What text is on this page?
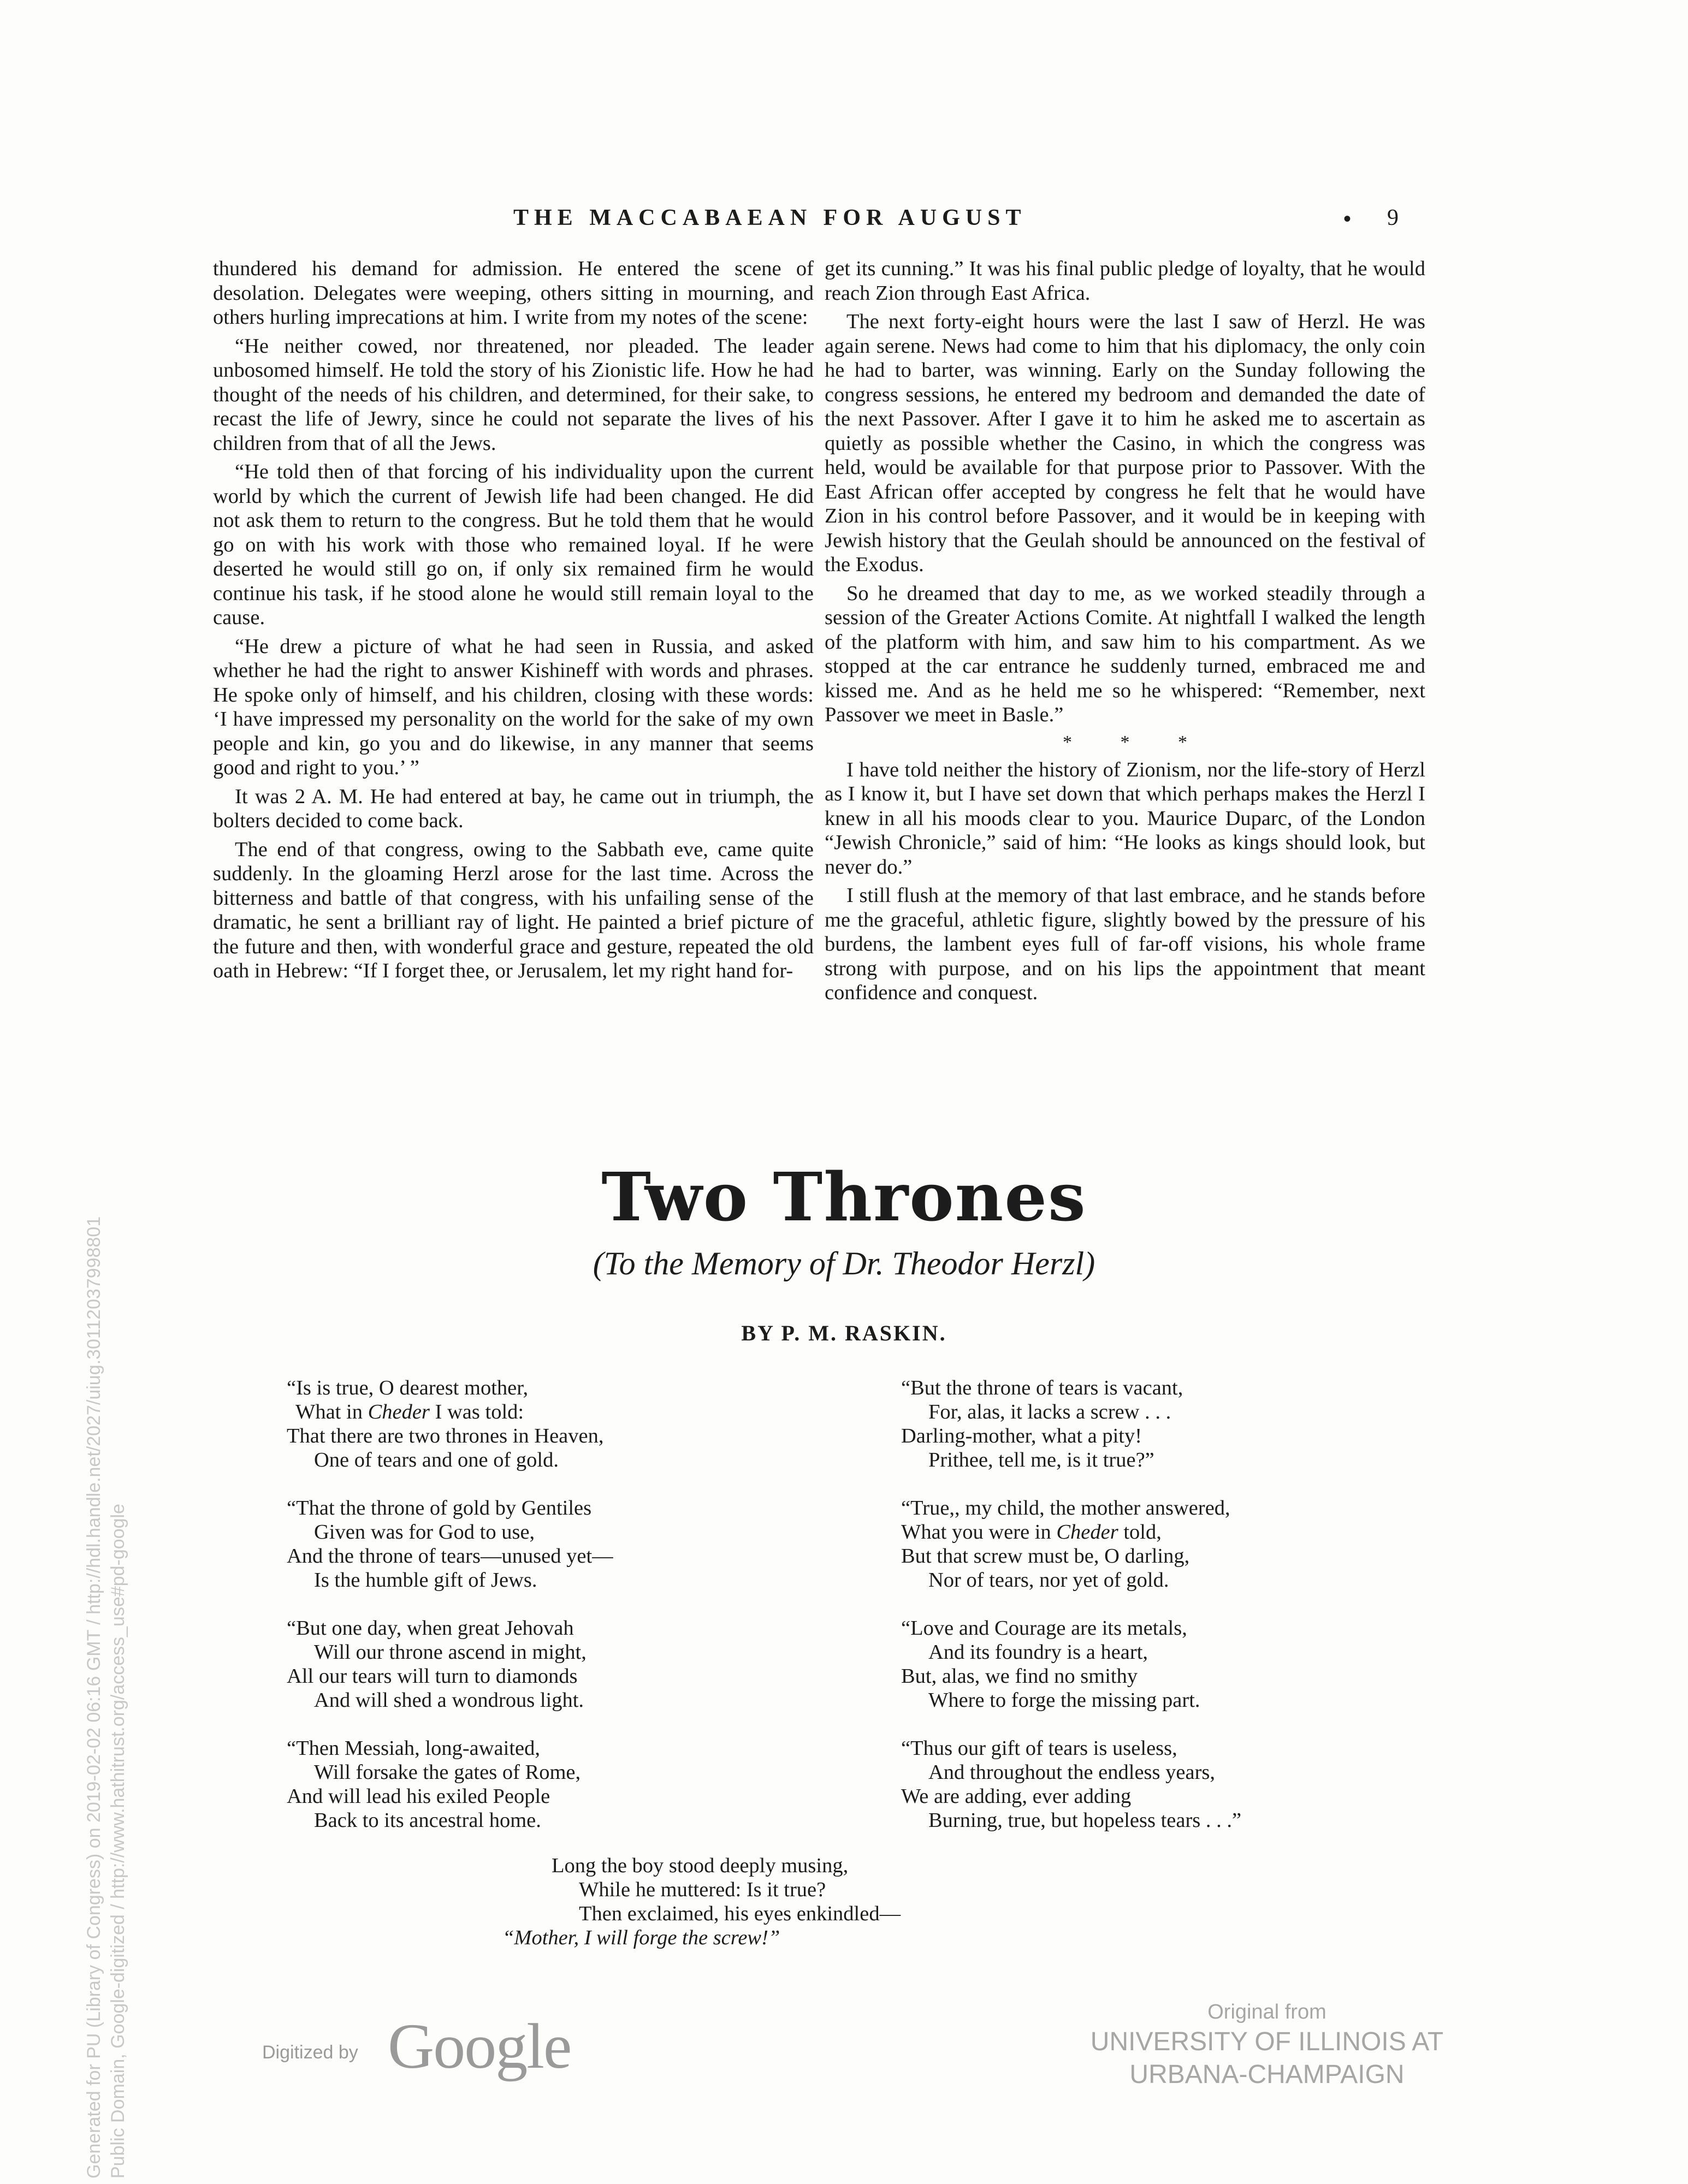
THE MACCABAEAN FOR AUGUST	• 9

thundered his demand for admission. He entered the scene of desolation. Delegates were weeping, others sitting in mourning, and others hurling imprecations at him. I write from my notes of the scene:

“He neither cowed, nor threatened, nor pleaded. The leader unbosomed himself. He told the story of his Zionistic life. How he had thought of the needs of his children, and determined, for their sake, to recast the life of Jewry, since he could not separate the lives of his children from that of all the Jews.

“He told then of that forcing of his individuality upon the current world by which the current of Jewish life had been changed. He did not ask them to return to the congress. But he told them that he would go on with his work with those who remained loyal. If he were deserted he would still go on, if only six remained firm he would continue his task, if he stood alone he would still remain loyal to the cause.

“He drew a picture of what he had seen in Russia, and asked whether he had the right to answer Kishineff with words and phrases. He spoke only of himself, and his children, closing with these words: ‘I have impressed my personality on the world for the sake of my own people and kin, go you and do likewise, in any manner that seems good and right to you.’ ”

It was 2 A. M. He had entered at bay, he came out in triumph, the bolters decided to come back.

The end of that congress, owing to the Sabbath eve, came quite suddenly. In the gloaming Herzl arose for the last time. Across the bitterness and battle of that congress, with his unfailing sense of the dramatic, he sent a brilliant ray of light. He painted a brief picture of the future and then, with wonderful grace and gesture, repeated the old oath in Hebrew: “If I forget thee, or Jerusalem, let my right hand for-

get its cunning.” It was his final public pledge of loyalty, that he would reach Zion through East Africa.

The next forty-eight hours were the last I saw of Herzl. He was again serene. News had come to him that his diplomacy, the only coin he had to barter, was winning. Early on the Sunday following the congress sessions, he entered my bedroom and demanded the date of the next Passover. After I gave it to him he asked me to ascertain as quietly as possible whether the Casino, in which the congress was held, would be available for that purpose prior to Passover. With the East African offer accepted by congress he felt that he would have Zion in his control before Passover, and it would be in keeping with Jewish history that the Geulah should be announced on the festival of the Exodus.

So he dreamed that day to me, as we worked steadily through a session of the Greater Actions Comite. At nightfall I walked the length of the platform with him, and saw him to his compartment. As we stopped at the car entrance he suddenly turned, embraced me and kissed me. And as he held me so he whispered: “Remember, next Passover we meet in Basle.”

* * *

I have told neither the history of Zionism, nor the life-story of Herzl as I know it, but I have set down that which perhaps makes the Herzl I knew in all his moods clear to you. Maurice Duparc, of the London “Jewish Chronicle,” said of him: “He looks as kings should look, but never do.”

I still flush at the memory of that last embrace, and he stands before me the graceful, athletic figure, slightly bowed by the pressure of his burdens, the lambent eyes full of far-off visions, his whole frame strong with purpose, and on his lips the appointment that meant confidence and conquest.

Two Thrones
(To the Memory of Dr. Theodor Herzl)
BY P. M. RASKIN.
“Is is true, O dearest mother,
What in Cheder I was told:
That there are two thrones in Heaven,
One of tears and one of gold.
“That the throne of gold by Gentiles
Given was for God to use,
And the throne of tears—unused yet—
Is the humble gift of Jews.
“But one day, when great Jehovah
Will our throne ascend in might,
All our tears will turn to diamonds
And will shed a wondrous light.
“Then Messiah, long-awaited,
Will forsake the gates of Rome,
And will lead his exiled People
Back to its ancestral home.
“But the throne of tears is vacant,
For, alas, it lacks a screw . . .
Darling-mother, what a pity!
Prithee, tell me, is it true?”
“True,, my child, the mother answered,
What you were in Cheder told,
But that screw must be, O darling,
Nor of tears, nor yet of gold.
“Love and Courage are its metals,
And its foundry is a heart,
But, alas, we find no smithy
Where to forge the missing part.
“Thus our gift of tears is useless,
And throughout the endless years,
We are adding, ever adding
Burning, true, but hopeless tears . . .”
Long the boy stood deeply musing,
While he muttered: Is it true?
Then exclaimed, his eyes enkindled—
“Mother, I will forge the screw!”
Digitized by Google	Original from
UNIVERSITY OF ILLINOIS AT
URBANA-CHAMPAIGN
Generated for PU (Library of Congress) on 2019-02-02 06:16 GMT / http://hdl.handle.net/2027/uiug.30112037998801 Public Domain, Google-digitized / http://www.hathitrust.org/access_use#pd-google
